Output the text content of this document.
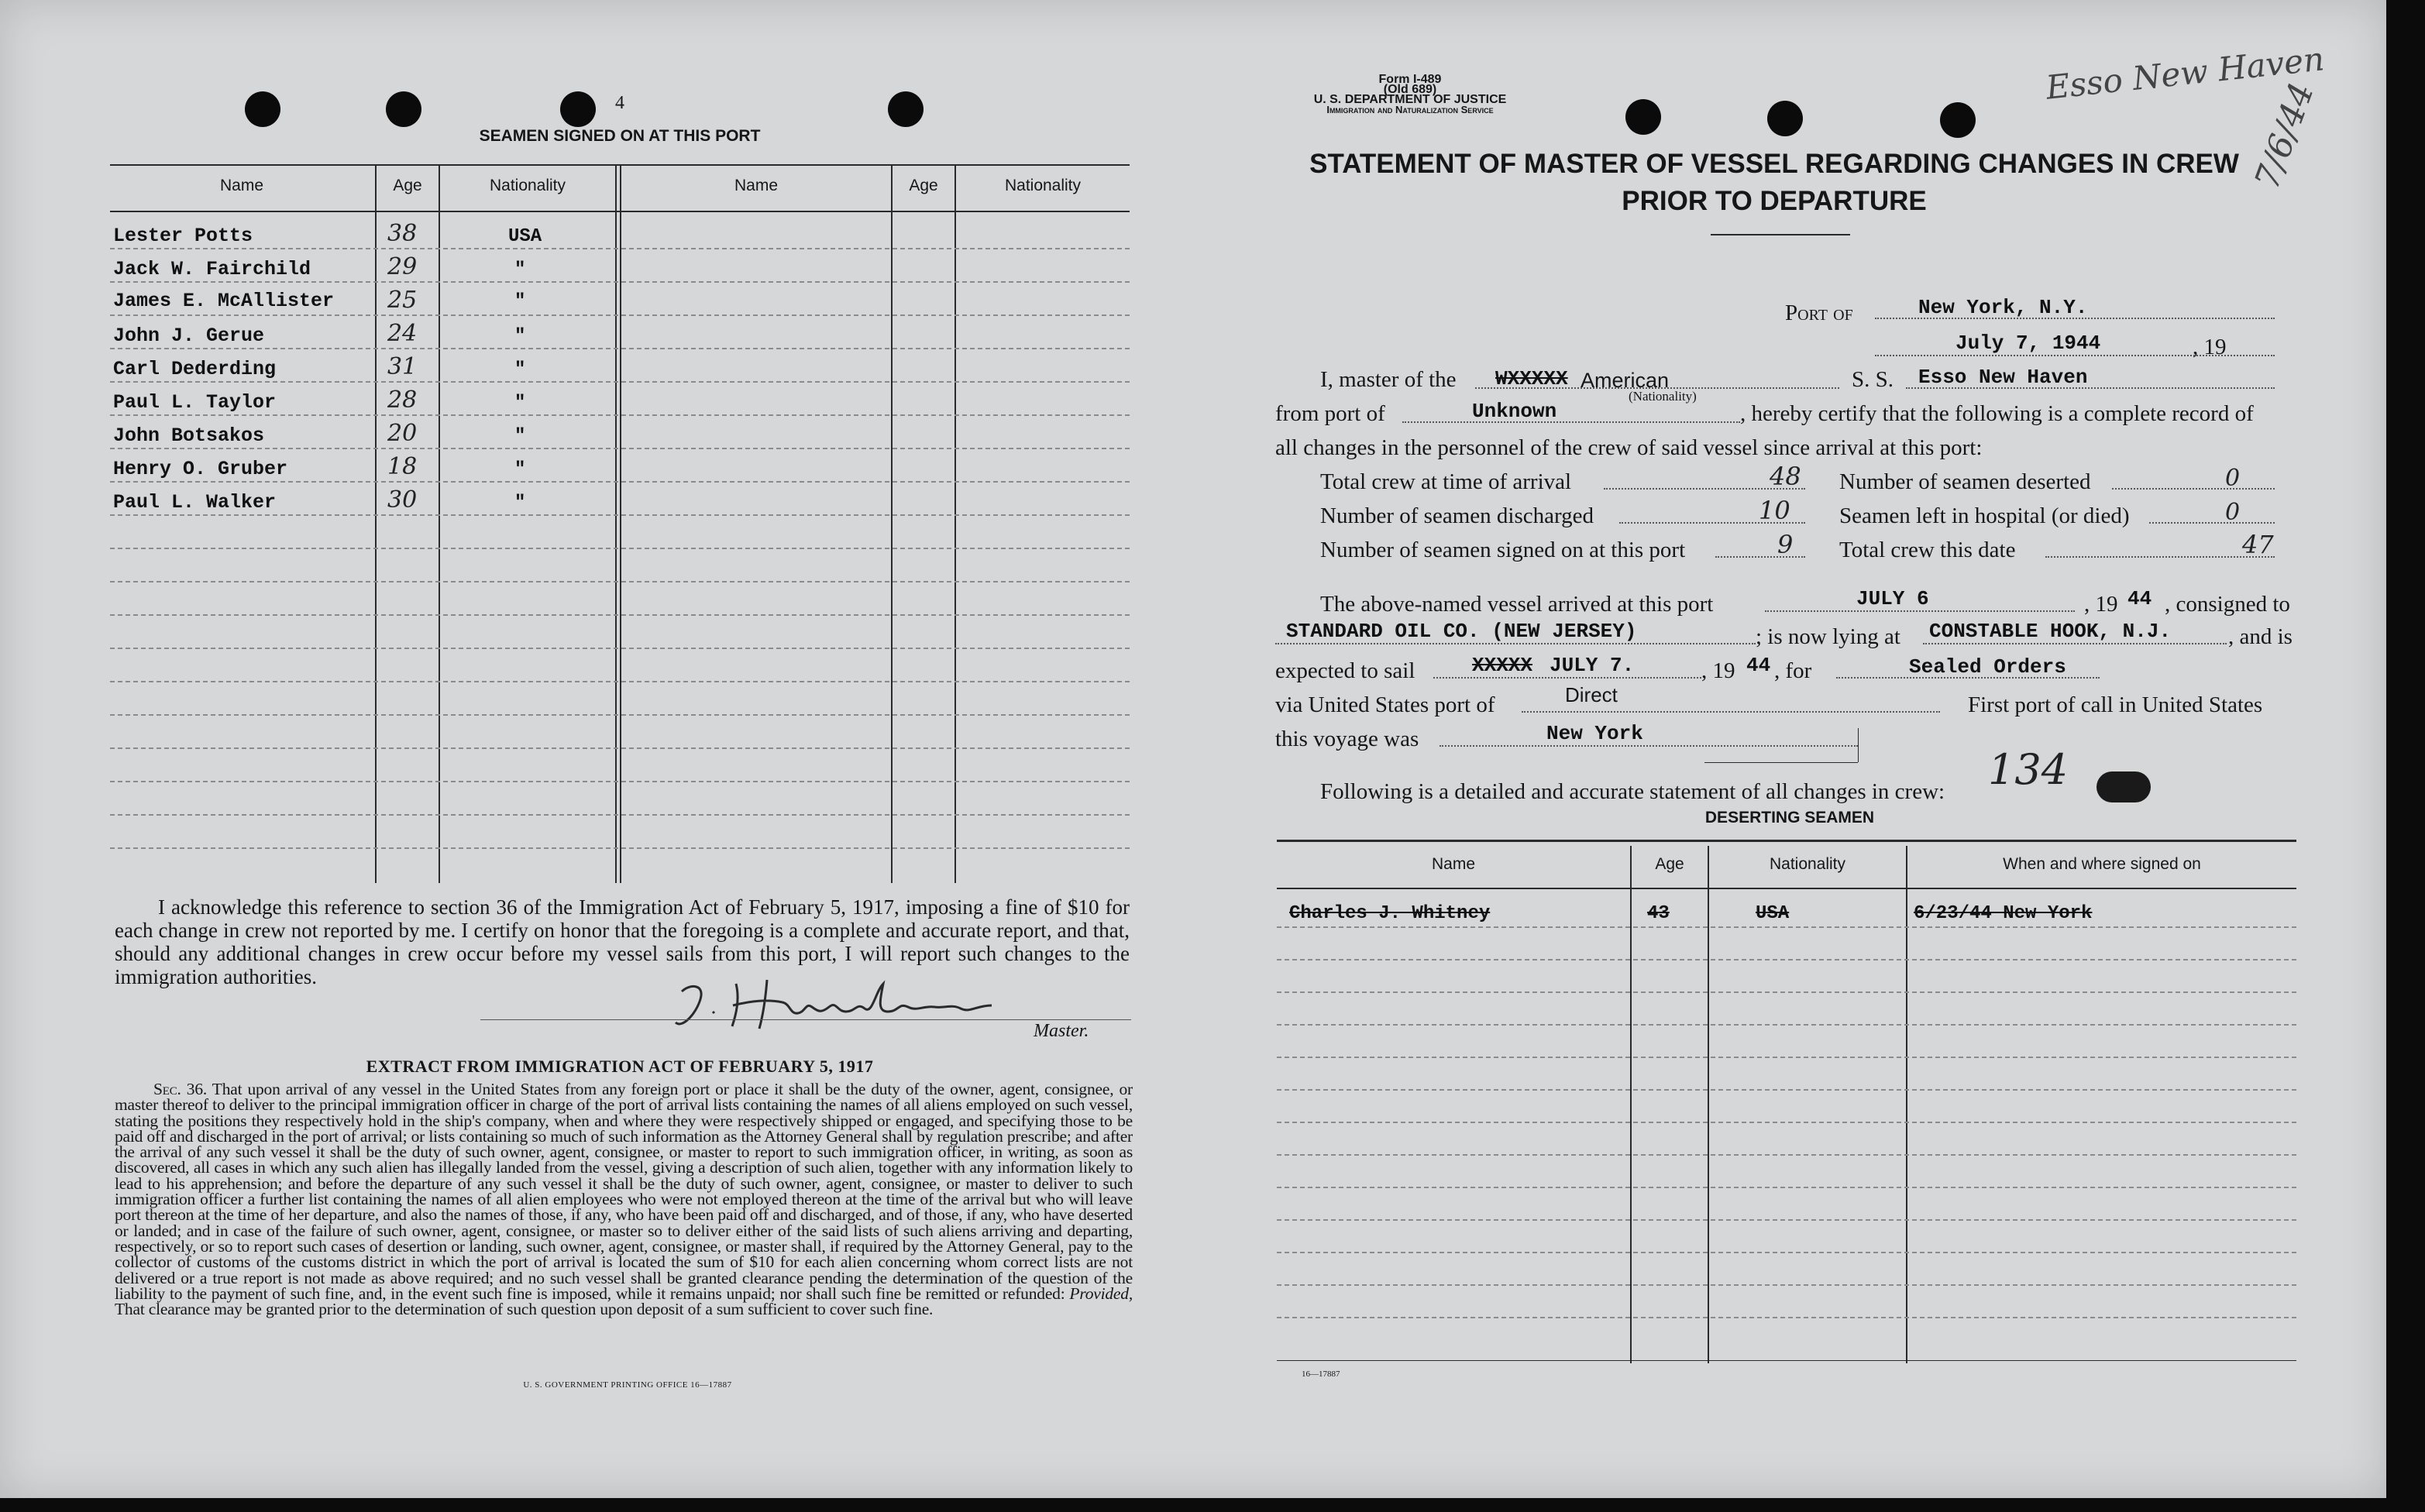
4
SEAMEN SIGNED ON AT THIS PORT
Name	Age	Nationality	Name	Age	Nationality
Lester Potts	38	USA
Jack W. Fairchild	29	"
James E. McAllister 25	"
John J. Gerue	24	"
Carl Dederding	31	"
Paul L. Taylor	28	"
John Botsakos	20	"
Henry O. Gruber	18	"
Paul L. Walker	30	"
I acknowledge this reference to section 36 of the Immigration Act of February 5, 1917, imposing a fine of $10 for each change in crew not reported by me. I certify on honor that the foregoing is a complete and accurate report, and that, should any additional changes in crew occur before my vessel sails from this port, I will report such changes to the immigration authorities.
Master.
EXTRACT FROM IMMIGRATION ACT OF FEBRUARY 5, 1917
Sec. 36. That upon arrival of any vessel in the United States from any foreign port or place it shall be the duty of the owner, agent, consignee, or master thereof to deliver to the principal immigration officer in charge of the port of arrival lists containing the names of all aliens employed on such vessel, stating the positions they respectively hold in the ship's company, when and where they were respectively shipped or engaged, and specifying those to be paid off and discharged in the port of arrival; or lists containing so much of such information as the Attorney General shall by regulation prescribe; and after the arrival of any such vessel it shall be the duty of such owner, agent, consignee, or master to report to such immigration officer, in writing, as soon as discovered, all cases in which any such alien has illegally landed from the vessel, giving a description of such alien, together with any information likely to lead to his apprehension; and before the departure of any such vessel it shall be the duty of such owner, agent, consignee, or master to deliver to such immigration officer a further list containing the names of all alien employees who were not employed thereon at the time of the arrival but who will leave port thereon at the time of her departure, and also the names of those, if any, who have been paid off and discharged, and of those, if any, who have deserted or landed; and in case of the failure of such owner, agent, consignee, or master so to deliver either of the said lists of such aliens arriving and departing, respectively, or so to report such cases of desertion or landing, such owner, agent, consignee, or master shall, if required by the Attorney General, pay to the collector of customs of the customs district in which the port of arrival is located the sum of $10 for each alien concerning whom correct lists are not delivered or a true report is not made as above required; and no such vessel shall be granted clearance pending the determination of the question of the liability to the payment of such fine, and, in the event such fine is imposed, while it remains unpaid; nor shall such fine be remitted or refunded: Provided, That clearance may be granted prior to the determination of such question upon deposit of a sum sufficient to cover such fine.
U. S. GOVERNMENT PRINTING OFFICE 16—17887
Form I-489
(Old 689)
U. S. DEPARTMENT OF JUSTICE
Immigration and Naturalization Service
Esso New Haven
7/6/44
STATEMENT OF MASTER OF VESSEL REGARDING CHANGES IN CREW
PRIOR TO DEPARTURE
Port of	New York, N.Y.
July 7, 1944	, 19
I, master of the WXXXXX American
(Nationality)
S. S. Esso New Haven
from port of	Unknown	, hereby certify that the following is a complete record of
all changes in the personnel of the crew of said vessel since arrival at this port:
Total crew at time of arrival	48
Number of seamen discharged	10
Number of seamen signed on at this port	9
Number of seamen deserted	0
Seamen left in hospital (or died)	0
Total crew this date	47
The above-named vessel arrived at this port	JULY 6	, 19 44 , consigned to
STANDARD OIL CO. (NEW JERSEY)	; is now lying at CONSTABLE HOOK, N.J.	, and is
expected to sail	XXXXX JULY 7.	, 19 44 , for	Sealed Orders
via United States port of	Direct	First port of call in United States
this voyage was	New York
Following is a detailed and accurate statement of all changes in crew: 134
DESERTING SEAMEN
Name	Age	Nationality	When and where signed on
Charles J. Whitney	43	USA	6/23/44 New York
16—17887
